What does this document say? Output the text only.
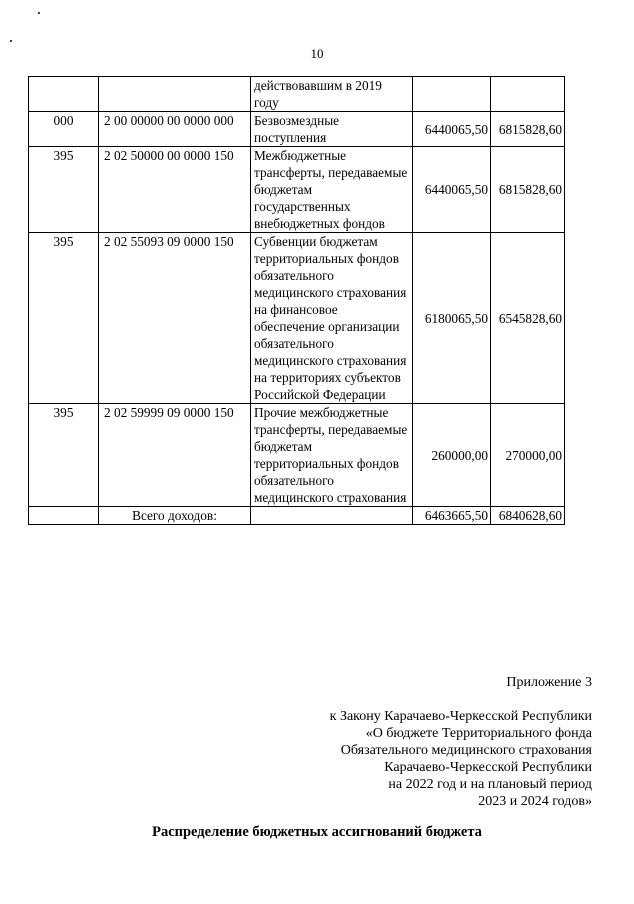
10
		действовавшим в 2019 году		
000	2 00 00000 00 0000 000	Безвозмездные поступления	6440065,50	6815828,60
395	2 02 50000 00 0000 150	Межбюджетные трансферты, передаваемые бюджетам государственных внебюджетных фондов	6440065,50	6815828,60
395	2 02 55093 09 0000 150	Субвенции бюджетам территориальных фондов обязательного медицинского страхования на финансовое обеспечение организации обязательного медицинского страхования на территориях субъектов Российской Федерации	6180065,50	6545828,60
395	2 02 59999 09 0000 150	Прочие межбюджетные трансферты, передаваемые бюджетам территориальных фондов обязательного медицинского страхования	260000,00	270000,00
	Всего доходов:		6463665,50	6840628,60
Приложение 3
к Закону Карачаево-Черкесской Республики
«О бюджете Территориального фонда
Обязательного медицинского страхования
Карачаево-Черкесской Республики
на 2022 год и на плановый период
2023 и 2024 годов»
Распределение бюджетных ассигнований бюджета
